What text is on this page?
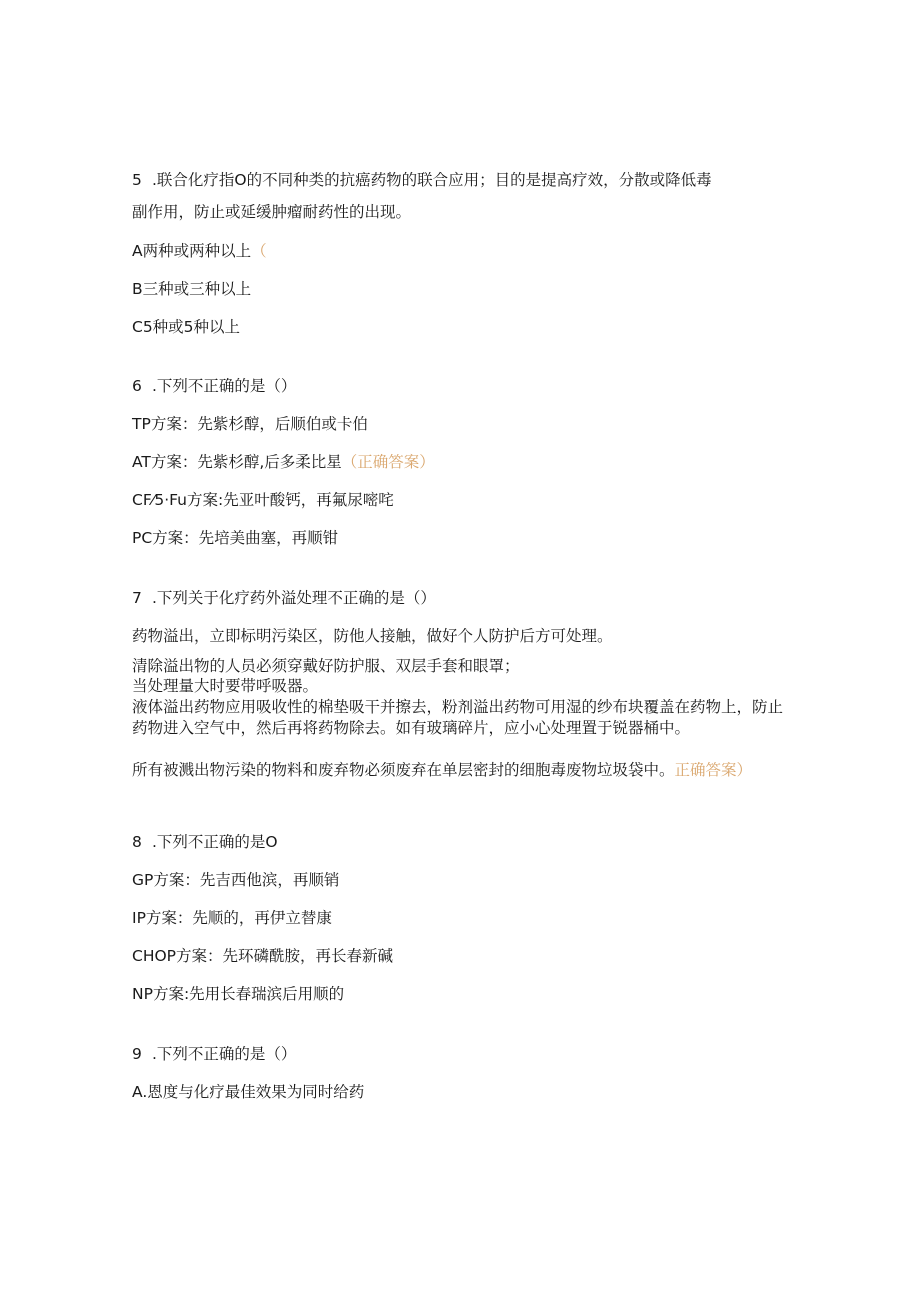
5 .联合化疗指O的不同种类的抗癌药物的联合应用；目的是提高疗效，分散或降低毒
副作用，防止或延缓肿瘤耐药性的出现。
A两种或两种以上（
B三种或三种以上
C5种或5种以上
6 .下列不正确的是（）
TP方案：先紫杉醇，后顺伯或卡伯
AT方案：先紫杉醇,后多柔比星（正确答案）
CF⁄5·Fu方案:先亚叶酸钙，再氟尿嘧咤
PC方案：先培美曲塞，再顺钳
7 .下列关于化疗药外溢处理不正确的是（）
药物溢出，立即标明污染区，防他人接触，做好个人防护后方可处理。
清除溢出物的人员必须穿戴好防护服、双层手套和眼罩；
当处理量大时要带呼吸器。
液体溢出药物应用吸收性的棉垫吸干并擦去，粉剂溢出药物可用湿的纱布块覆盖在药物上，防止药物进入空气中，然后再将药物除去。如有玻璃碎片，应小心处理置于锐器桶中。
所有被溅出物污染的物料和废弃物必须废弃在单层密封的细胞毒废物垃圾袋中。正确答案）
8 .下列不正确的是O
GP方案：先吉西他滨，再顺销
IP方案：先顺的，再伊立替康
CHOP方案：先环磷酰胺，再长春新碱
NP方案:先用长春瑞滨后用顺的
9 .下列不正确的是（）
A.恩度与化疗最佳效果为同时给药
